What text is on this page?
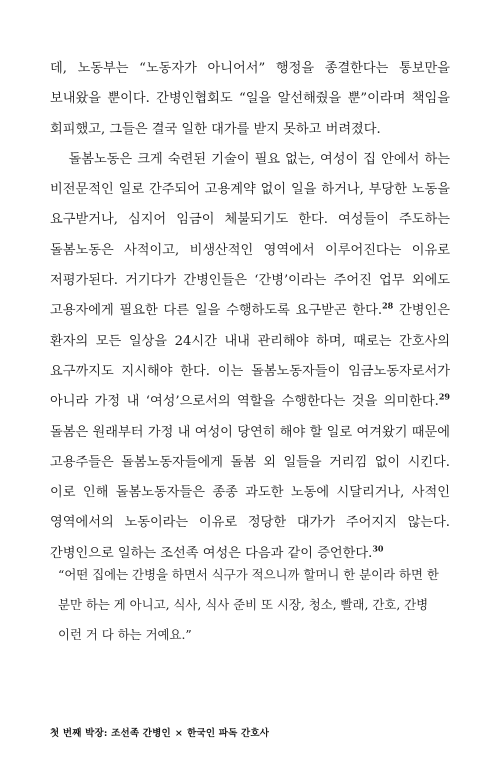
데, 노동부는 “노동자가 아니어서” 행정을 종결한다는 통보만을 보내왔을 뿐이다. 간병인협회도 “일을 알선해줬을 뿐”이라며 책임을 회피했고, 그들은 결국 일한 대가를 받지 못하고 버려졌다.

돌봄노동은 크게 숙련된 기술이 필요 없는, 여성이 집 안에서 하는 비전문적인 일로 간주되어 고용계약 없이 일을 하거나, 부당한 노동을 요구받거나, 심지어 임금이 체불되기도 한다. 여성들이 주도하는 돌봄노동은 사적이고, 비생산적인 영역에서 이루어진다는 이유로 저평가된다. 거기다가 간병인들은 ‘간병’이라는 주어진 업무 외에도 고용자에게 필요한 다른 일을 수행하도록 요구받곤 한다.$^{28}$ 간병인은 환자의 모든 일상을 24시간 내내 관리해야 하며, 때로는 간호사의 요구까지도 지시해야 한다. 이는 돌봄노동자들이 임금노동자로서가 아니라 가정 내 ‘여성’으로서의 역할을 수행한다는 것을 의미한다.$^{29}$ 돌봄은 원래부터 가정 내 여성이 당연히 해야 할 일로 여겨왔기 때문에 고용주들은 돌봄노동자들에게 돌봄 외 일들을 거리낌 없이 시킨다. 이로 인해 돌봄노동자들은 종종 과도한 노동에 시달리거나, 사적인 영역에서의 노동이라는 이유로 정당한 대가가 주어지지 않는다. 간병인으로 일하는 조선족 여성은 다음과 같이 증언한다.$^{30}$

“어떤 집에는 간병을 하면서 식구가 적으니까 할머니 한 분이라 하면 한 분만 하는 게 아니고, 식사, 식사 준비 또 시장, 청소, 빨래, 간호, 간병 이런 거 다 하는 거예요.”

첫 번째 박장: 조선족 간병인 × 한국인 파독 간호사
